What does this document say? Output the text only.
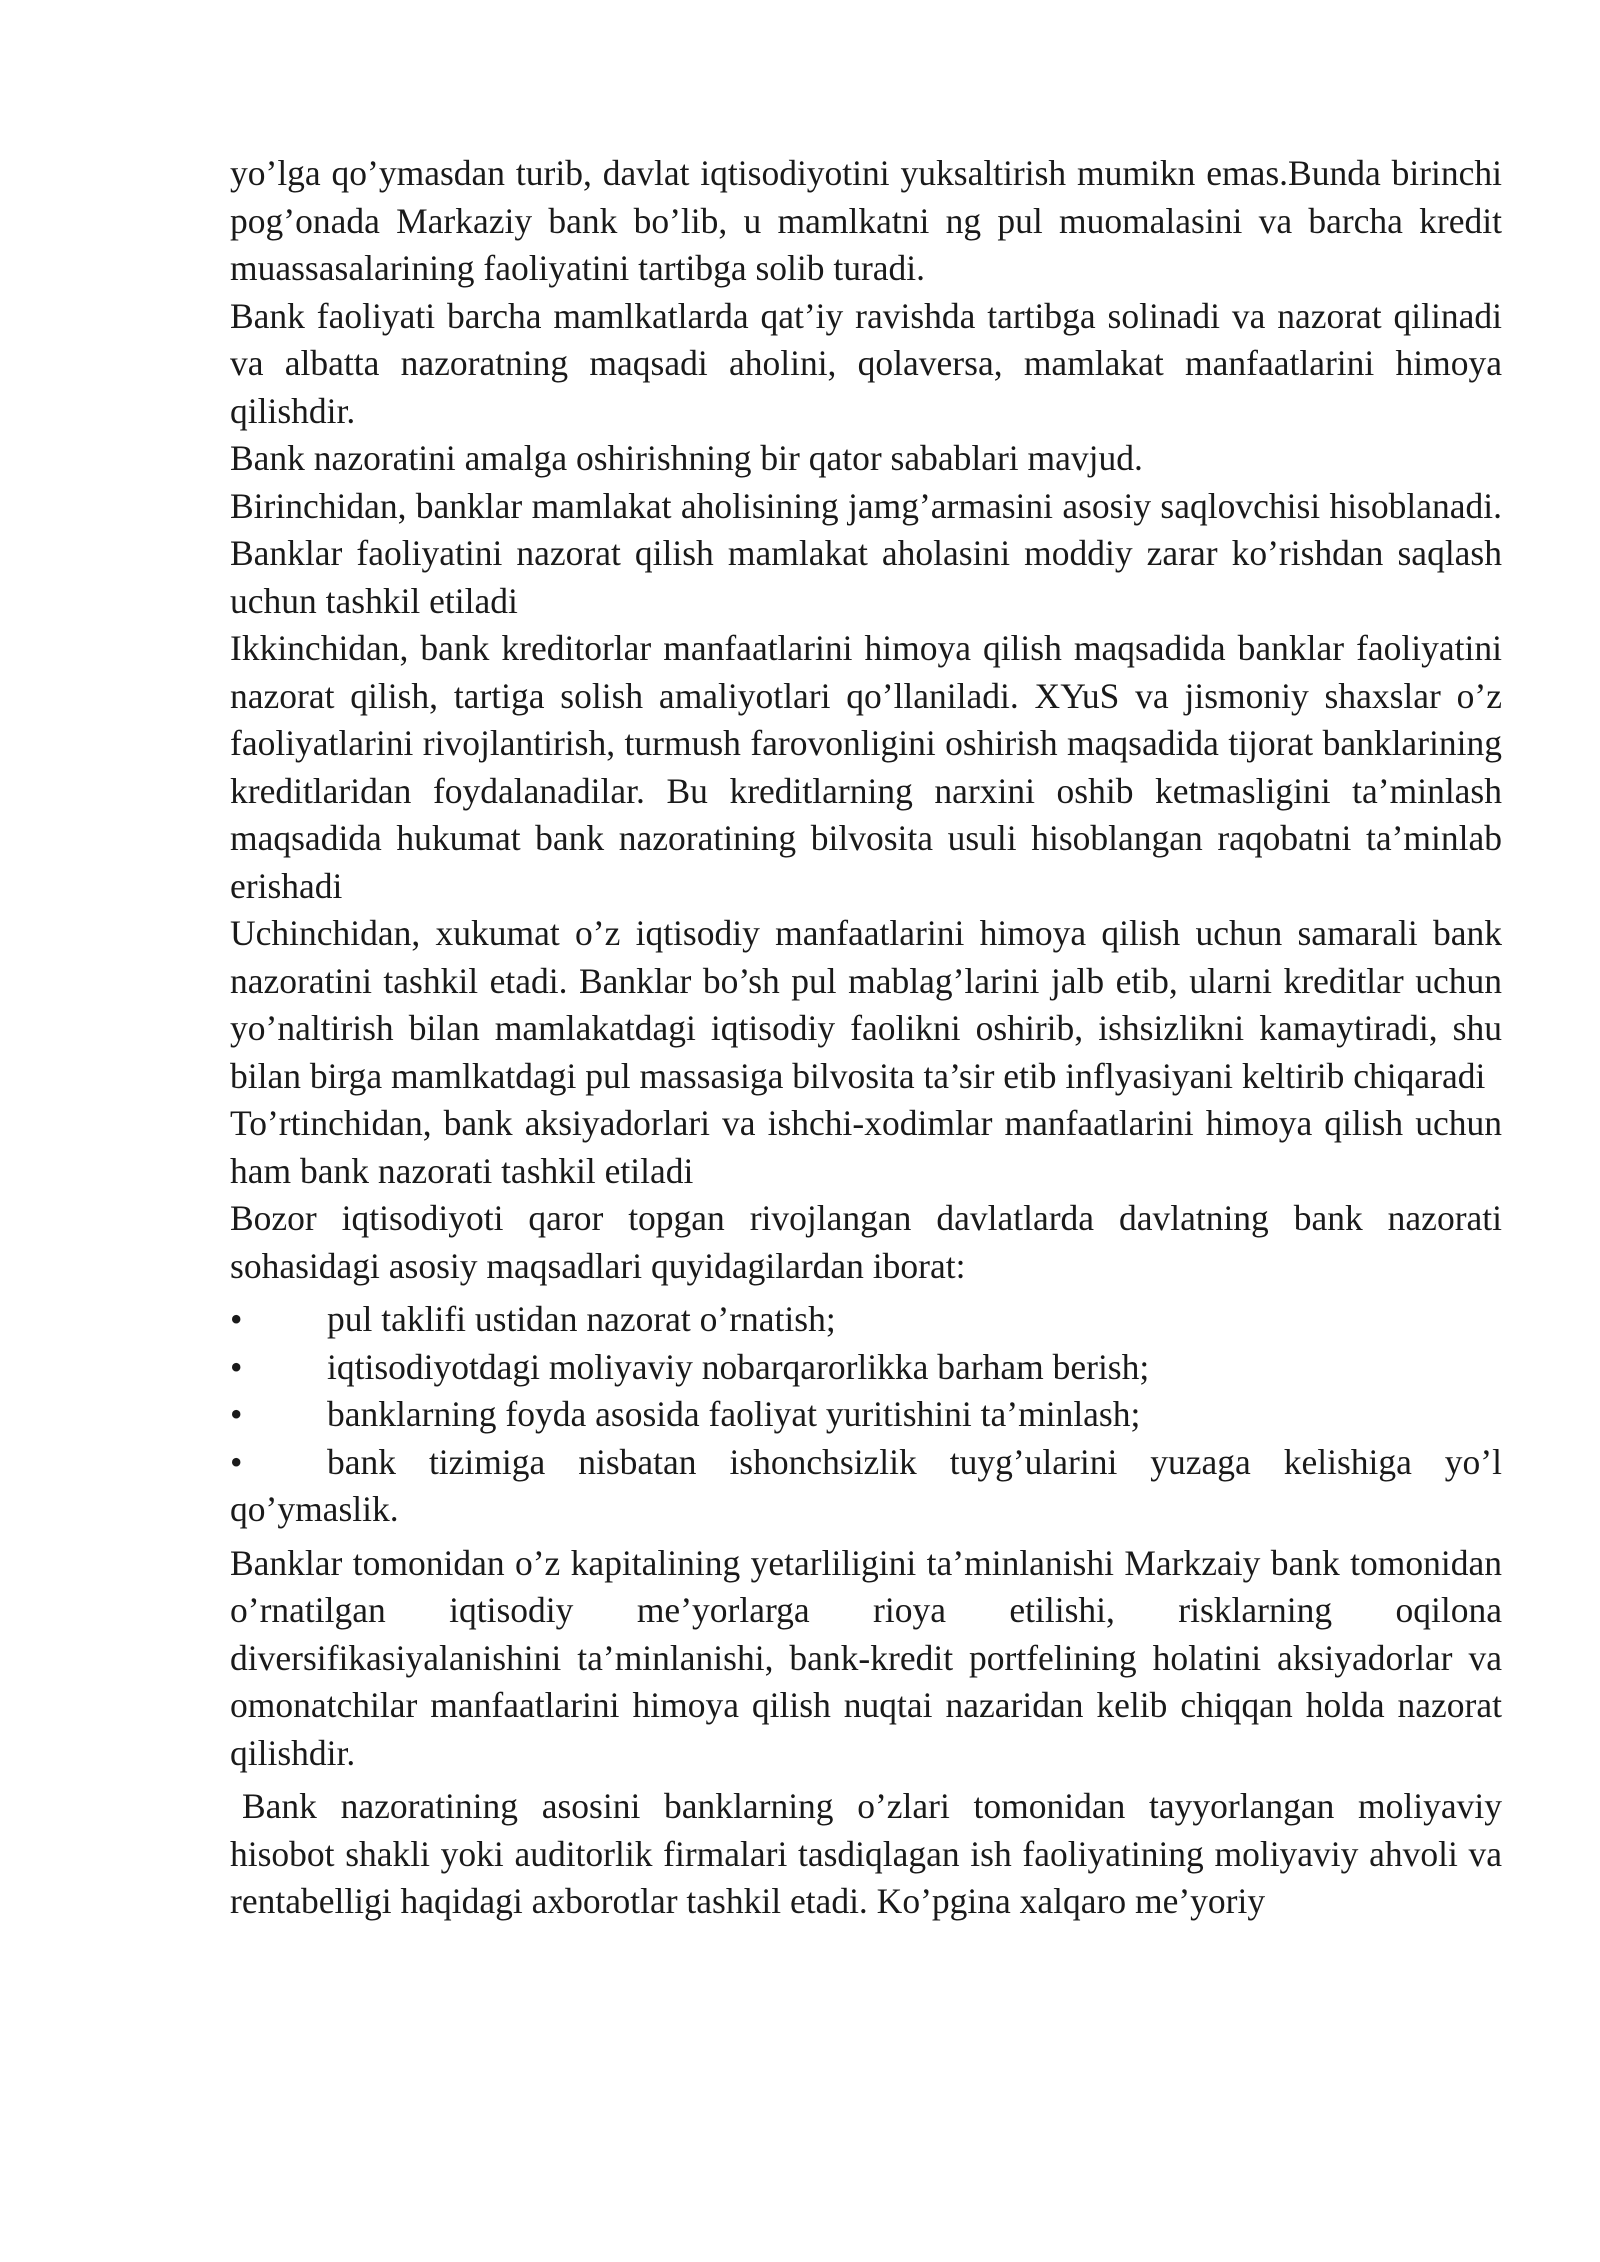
yo’lga qo’ymasdan turib, davlat iqtisodiyotini yuksaltirish mumikn emas.Bunda birinchi pog’onada Markaziy bank bo’lib, u mamlkatni ng pul muomalasini va barcha kredit muassasalarining faoliyatini tartibga solib turadi.

Bank faoliyati barcha mamlkatlarda qat’iy ravishda tartibga solinadi va nazorat qilinadi va albatta nazoratning maqsadi aholini, qolaversa, mamlakat manfaatlarini himoya qilishdir.

Bank nazoratini amalga oshirishning bir qator sabablari mavjud.

Birinchidan, banklar mamlakat aholisining jamg’armasini asosiy saqlovchisi hisoblanadi. Banklar faoliyatini nazorat qilish mamlakat aholasini moddiy zarar ko’rishdan saqlash uchun tashkil etiladi

Ikkinchidan, bank kreditorlar manfaatlarini himoya qilish maqsadida banklar faoliyatini nazorat qilish, tartiga solish amaliyotlari qo’llaniladi. XYuS va jismoniy shaxslar o’z faoliyatlarini rivojlantirish, turmush farovonligini oshirish maqsadida tijorat banklarining kreditlaridan foydalanadilar. Bu kreditlarning narxini oshib ketmasligini ta’minlash maqsadida hukumat bank nazoratining bilvosita usuli hisoblangan raqobatni ta’minlab erishadi

Uchinchidan, xukumat o’z iqtisodiy manfaatlarini himoya qilish uchun samarali bank nazoratini tashkil etadi. Banklar bo’sh pul mablag’larini jalb etib, ularni kreditlar uchun yo’naltirish bilan mamlakatdagi iqtisodiy faolikni oshirib, ishsizlikni kamaytiradi, shu bilan birga mamlkatdagi pul massasiga bilvosita ta’sir etib inflyasiyani keltirib chiqaradi

To’rtinchidan, bank aksiyadorlari va ishchi-xodimlar manfaatlarini himoya qilish uchun ham bank nazorati tashkil etiladi

Bozor iqtisodiyoti qaror topgan rivojlangan davlatlarda davlatning bank nazorati sohasidagi asosiy maqsadlari quyidagilardan iborat:

• pul taklifi ustidan nazorat o’rnatish;
• iqtisodiyotdagi moliyaviy nobarqarorlikka barham berish;
• banklarning foyda asosida faoliyat yuritishini ta’minlash;
• bank tizimiga nisbatan ishonchsizlik tuyg’ularini yuzaga kelishiga yo’l qo’ymaslik.

Banklar tomonidan o’z kapitalining yetarliligini ta’minlanishi Markzaiy bank tomonidan o’rnatilgan iqtisodiy me’yorlarga rioya etilishi, risklarning oqilona diversifikasiyalanishini ta’minlanishi, bank-kredit portfelining holatini aksiyadorlar va omonatchilar manfaatlarini himoya qilish nuqtai nazaridan kelib chiqqan holda nazorat qilishdir.

Bank nazoratining asosini banklarning o’zlari tomonidan tayyorlangan moliyaviy hisobot shakli yoki auditorlik firmalari tasdiqlagan ish faoliyatining moliyaviy ahvoli va rentabelligi haqidagi axborotlar tashkil etadi. Ko’pgina xalqaro me’yoriy
